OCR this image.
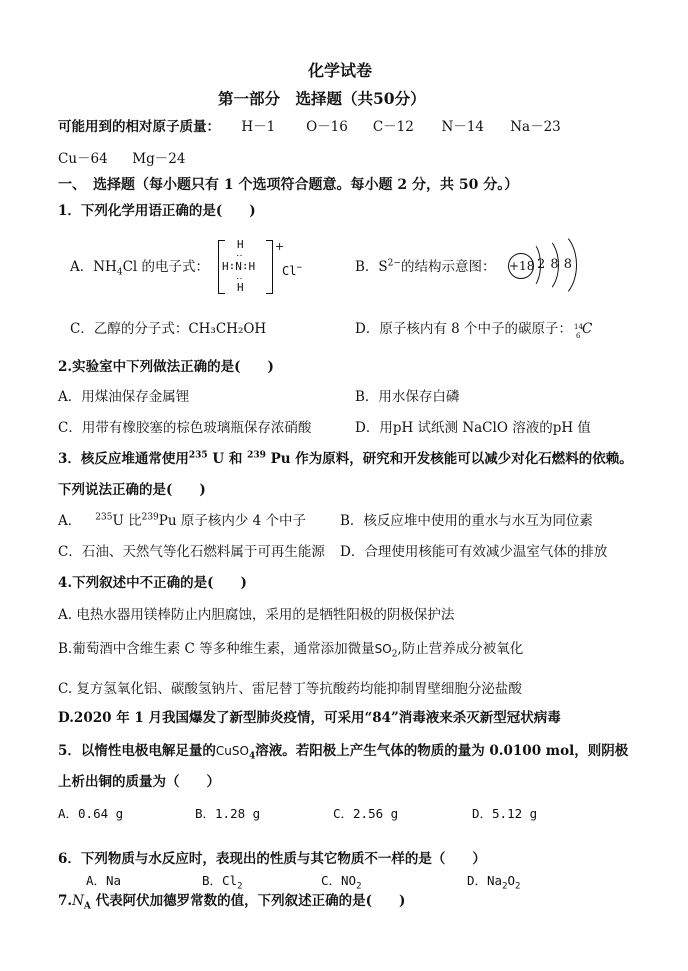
化学试卷
第一部分　选择题（共50分）
可能用到的相对原子质量： H－1 O－16 C－12 N－14 Na－23
Cu－64 Mg－24
一、　选择题（每小题只有 1 个选项符合题意。每小题 2 分，共 50 分。）
1．下列化学用语正确的是(　　)
A．$NH_4Cl$ 的电子式：
H
‥
H∶N∶H
‥
H
+
Cl−	B．$S^{2-}$的结构示意图： +18 2 8 8
C．乙醇的分子式：CH₃CH₂OH	D．原子核内有 8 个中子的碳原子： 14
6 C
2.实验室中下列做法正确的是(　　)
A．用煤油保存金属锂	B．用水保存白磷
C．用带有橡胶塞的棕色玻璃瓶保存浓硝酸	D．用pH 试纸测 NaClO 溶液的pH 值
3．核反应堆通常使用$^{235}$ U 和 $^{239}$ Pu 作为原料，研究和开发核能可以减少对化石燃料的依赖。
下列说法正确的是(　　)
A． $^{235}$U 比$^{239}$Pu 原子核内少 4 个中子	B．核反应堆中使用的重水与水互为同位素
C．石油、天然气等化石燃料属于可再生能源 D．合理使用核能可有效减少温室气体的排放
4.下列叙述中不正确的是(　　)
A. 电热水器用镁棒防止内胆腐蚀，采用的是牺牲阳极的阴极保护法
B.葡萄酒中含维生素 C 等多种维生素，通常添加微量$SO_2$,防止营养成分被氧化
C. 复方氢氧化铝、碳酸氢钠片、雷尼替丁等抗酸药均能抑制胃壁细胞分泌盐酸
D.2020 年 1 月我国爆发了新型肺炎疫情，可采用“84”消毒液来杀灭新型冠状病毒
5．以惰性电极电解足量的CuSO$_4$溶液。若阳极上产生气体的物质的量为 0.0100 mol，则阴极
上析出铜的质量为（　　）
A．0.64 g	B．1.28 g	C．2.56 g	D．5.12 g
6．下列物质与水反应时，表现出的性质与其它物质不一样的是（　　）
A．Na	B．$Cl_2$	C．$NO_2$	D．$Na_2O_2$
$7.N_A$ 代表阿伏加德罗常数的值，下列叙述正确的是(　　)
